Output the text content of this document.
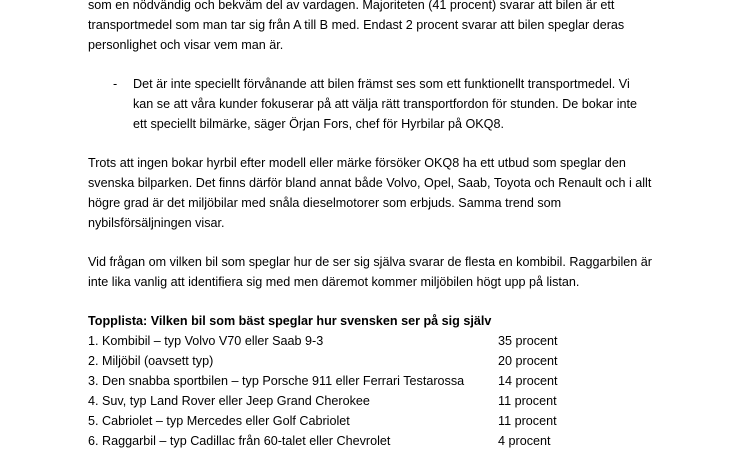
som en nödvändig och bekväm del av vardagen. Majoriteten (41 procent) svarar att bilen är ett

transportmedel som man tar sig från A till B med. Endast 2 procent svarar att bilen speglar deras

personlighet och visar vem man är.

- Det är inte speciellt förvånande att bilen främst ses som ett funktionellt transportmedel. Vi

kan se att våra kunder fokuserar på att välja rätt transportfordon för stunden. De bokar inte

ett speciellt bilmärke, säger Örjan Fors, chef för Hyrbilar på OKQ8.

Trots att ingen bokar hyrbil efter modell eller märke försöker OKQ8 ha ett utbud som speglar den

svenska bilparken. Det finns därför bland annat både Volvo, Opel, Saab, Toyota och Renault och i allt

högre grad är det miljöbilar med snåla dieselmotorer som erbjuds. Samma trend som

nybilsförsäljningen visar.

Vid frågan om vilken bil som speglar hur de ser sig själva svarar de flesta en kombibil. Raggarbilen är

inte lika vanlig att identifiera sig med men däremot kommer miljöbilen högt upp på listan.

Topplista: Vilken bil som bäst speglar hur svensken ser på sig själv

1. Kombibil – typ Volvo V70 eller Saab 9-3	35 procent
2. Miljöbil (oavsett typ)	20 procent
3. Den snabba sportbilen – typ Porsche 911 eller Ferrari Testarossa	14 procent
4. Suv, typ Land Rover eller Jeep Grand Cherokee	11 procent
5. Cabriolet – typ Mercedes eller Golf Cabriolet	11 procent
6. Raggarbil – typ Cadillac från 60-talet eller Chevrolet	4 procent
